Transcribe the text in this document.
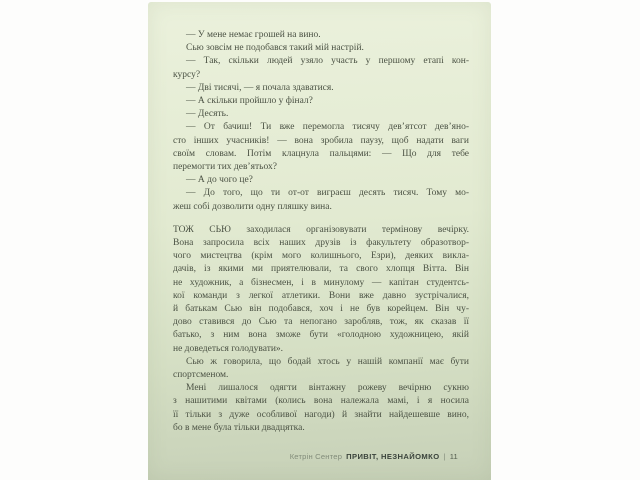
— У мене немає грошей на вино.
Сью зовсім не подобався такий мій настрій.
— Так, скільки людей узяло участь у першому етапі кон-
курсу?
— Дві тисячі, — я почала здаватися.
— А скільки пройшло у фінал?
— Десять.
— От бачиш! Ти вже перемогла тисячу дев’ятсот дев’яно-
сто інших учасників! — вона зробила паузу, щоб надати ваги
своїм словам. Потім клацнула пальцями: — Що для тебе
перемогти тих дев’ятьох?
— А до чого це?
— До того, що ти от-от виграєш десять тисяч. Тому мо-
жеш собі дозволити одну пляшку вина.
ТОЖ СЬЮ заходилася організовувати термінову вечірку.
Вона запросила всіх наших друзів із факультету образотвор-
чого мистецтва (крім мого колишнього, Езри), деяких викла-
дачів, із якими ми приятелювали, та свого хлопця Вітта. Він
не художник, а бізнесмен, і в минулому — капітан студентсь-
кої команди з легкої атлетики. Вони вже давно зустрічалися,
й батькам Сью він подобався, хоч і не був корейцем. Він чу-
дово ставився до Сью та непогано заробляв, тож, як сказав її
батько, з ним вона зможе бути «голодною художницею, якій
не доведеться голодувати».
Сью ж говорила, що бодай хтось у нашій компанії має бути
спортсменом.
Мені лишалося одягти вінтажну рожеву вечірню сукню
з нашитими квітами (колись вона належала мамі, і я носила
її тільки з дуже особливої нагоди) й знайти найдешевше вино,
бо в мене була тільки двадцятка.
Кетрін Сентер ПРИВІТ, НЕЗНАЙОМКО | 11
